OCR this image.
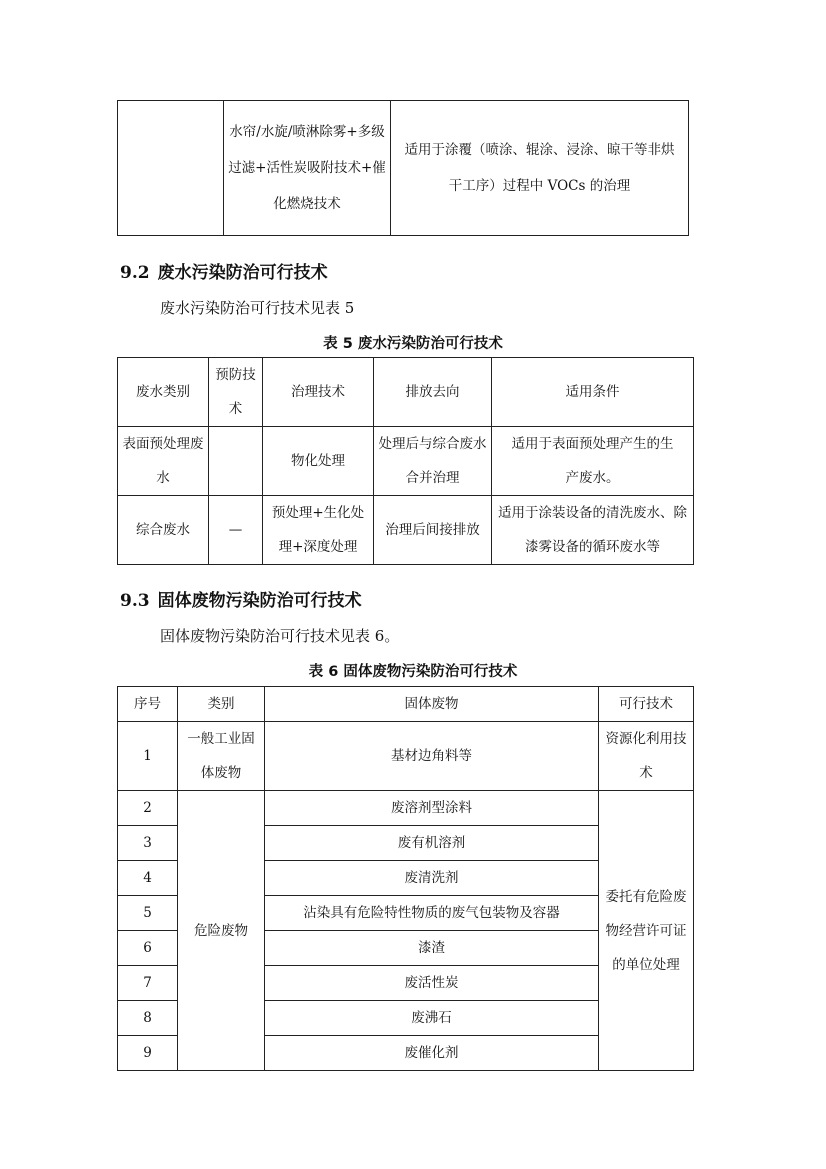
	水帘/水旋/喷淋除雾+多级过滤+活性炭吸附技术+催化燃烧技术	适用于涂覆（喷涂、辊涂、浸涂、晾干等非烘干工序）过程中 VOCs 的治理
9.2 废水污染防治可行技术

废水污染防治可行技术见表 5

表 5 废水污染防治可行技术
废水类别	预防技术	治理技术	排放去向	适用条件
表面预处理废水		物化处理	处理后与综合废水合并治理	适用于表面预处理产生的生产废水。
综合废水	—	预处理+生化处理+深度处理	治理后间接排放	适用于涂装设备的清洗废水、除漆雾设备的循环废水等
9.3 固体废物污染防治可行技术

固体废物污染防治可行技术见表 6。

表 6 固体废物污染防治可行技术
序号	类别	固体废物	可行技术
1	一般工业固体废物	基材边角料等	资源化利用技术
2	危险废物	废溶剂型涂料	委托有危险废物经营许可证的单位处理
3		废有机溶剂	
4		废清洗剂	
5		沾染具有危险特性物质的废气包装物及容器	
6		漆渣	
7		废活性炭	
8		废沸石	
9		废催化剂	
